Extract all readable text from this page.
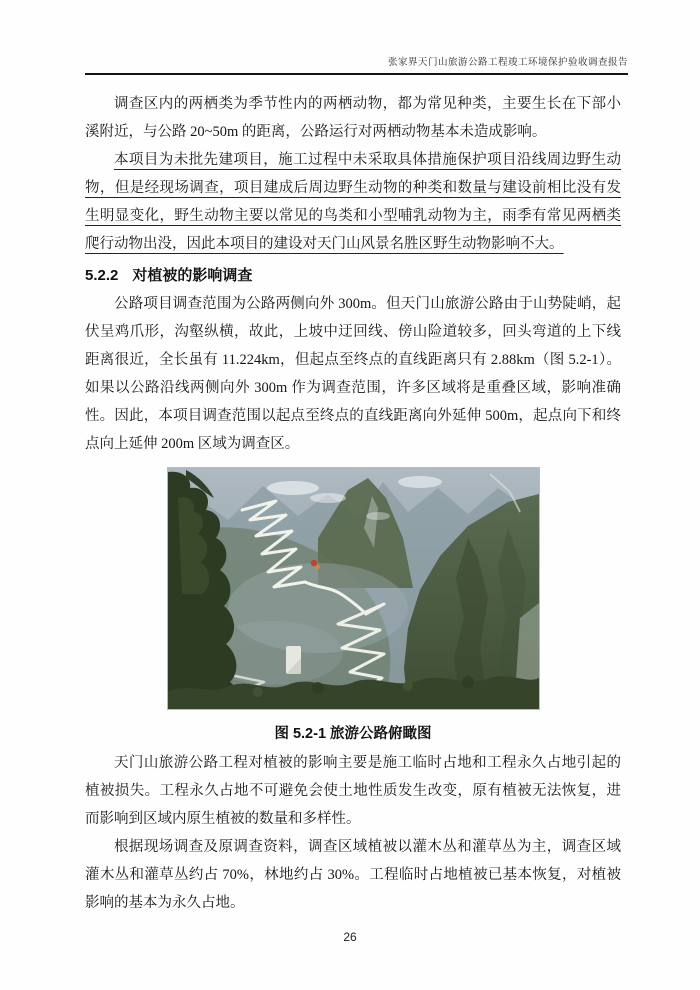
张家界天门山旅游公路工程竣工环境保护验收调查报告

调查区内的两栖类为季节性内的两栖动物，都为常见种类，主要生长在下部小溪附近，与公路 20~50m 的距离，公路运行对两栖动物基本未造成影响。

本项目为未批先建项目，施工过程中未采取具体措施保护项目沿线周边野生动物，但是经现场调查，项目建成后周边野生动物的种类和数量与建设前相比没有发生明显变化，野生动物主要以常见的鸟类和小型哺乳动物为主，雨季有常见两栖类爬行动物出没，因此本项目的建设对天门山风景名胜区野生动物影响不大。

5.2.2 对植被的影响调查

公路项目调查范围为公路两侧向外 300m。但天门山旅游公路由于山势陡峭，起伏呈鸡爪形，沟壑纵横，故此，上坡中迂回线、傍山险道较多，回头弯道的上下线距离很近，全长虽有 11.224km，但起点至终点的直线距离只有 2.88km（图 5.2-1）。如果以公路沿线两侧向外 300m 作为调查范围，许多区域将是重叠区域，影响准确性。因此，本项目调查范围以起点至终点的直线距离向外延伸 500m，起点向下和终点向上延伸 200m 区域为调查区。

图 5.2-1 旅游公路俯瞰图

天门山旅游公路工程对植被的影响主要是施工临时占地和工程永久占地引起的植被损失。工程永久占地不可避免会使土地性质发生改变，原有植被无法恢复，进而影响到区域内原生植被的数量和多样性。

根据现场调查及原调查资料，调查区域植被以灌木丛和灌草丛为主，调查区域灌木丛和灌草丛约占 70%，林地约占 30%。工程临时占地植被已基本恢复，对植被影响的基本为永久占地。

26
